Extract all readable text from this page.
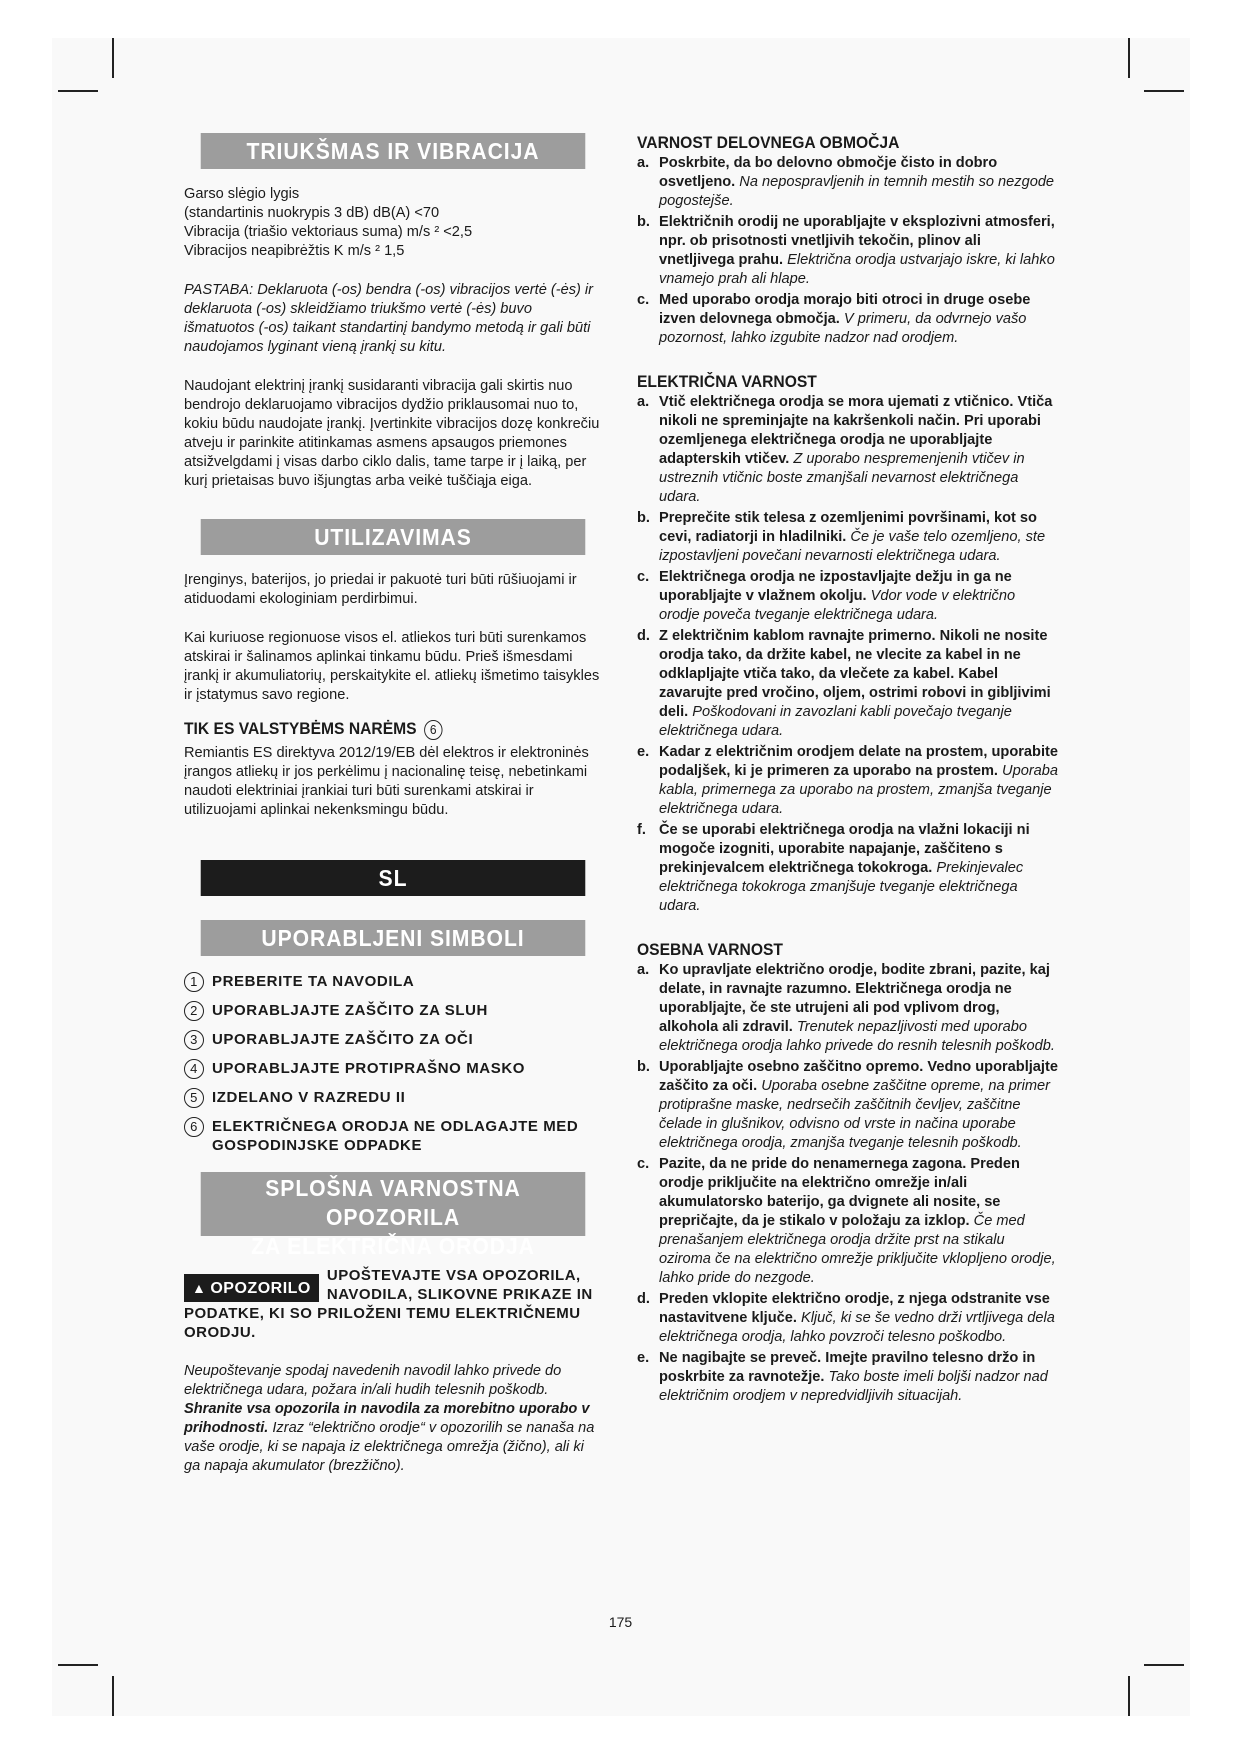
TRIUKŠMAS IR VIBRACIJA

Garso slėgio lygis

(standartinis nuokrypis 3 dB) dB(A) <70

Vibracija (triašio vektoriaus suma) m/s ² <2,5

Vibracijos neapibrėžtis K m/s ² 1,5

PASTABA: Deklaruota (-os) bendra (-os) vibracijos vertė (-ės) ir deklaruota (-os) skleidžiamo triukšmo vertė (-ės) buvo išmatuotos (-os) taikant standartinį bandymo metodą ir gali būti naudojamos lyginant vieną įrankį su kitu.

Naudojant elektrinį įrankį susidaranti vibracija gali skirtis nuo bendrojo deklaruojamo vibracijos dydžio priklausomai nuo to, kokiu būdu naudojate įrankį. Įvertinkite vibracijos dozę konkrečiu atveju ir parinkite atitinkamas asmens apsaugos priemones atsižvelgdami į visas darbo ciklo dalis, tame tarpe ir į laiką, per kurį prietaisas buvo išjungtas arba veikė tuščiąja eiga.

UTILIZAVIMAS

Įrenginys, baterijos, jo priedai ir pakuotė turi būti rūšiuojami ir atiduodami ekologiniam perdirbimui.

Kai kuriuose regionuose visos el. atliekos turi būti surenkamos atskirai ir šalinamos aplinkai tinkamu būdu. Prieš išmesdami įrankį ir akumuliatorių, perskaitykite el. atliekų išmetimo taisykles ir įstatymus savo regione.

TIK ES VALSTYBĖMS NARĖMS 6

Remiantis ES direktyva 2012/19/EB dėl elektros ir elektroninės įrangos atliekų ir jos perkėlimu į nacionalinę teisę, nebetinkami naudoti elektriniai įrankiai turi būti surenkami atskirai ir utilizuojami aplinkai nekenksmingu būdu.

SL
UPORABLJENI SIMBOLI
1 PREBERITE TA NAVODILA
2 UPORABLJAJTE ZAŠČITO ZA SLUH
3 UPORABLJAJTE ZAŠČITO ZA OČI
4 UPORABLJAJTE PROTIPRAŠNO MASKO
5 IZDELANO V RAZREDU II
6 ELEKTRIČNEGA ORODJA NE ODLAGAJTE MED GOSPODINJSKE ODPADKE
SPLOŠNA VARNOSTNA OPOZORILA
ZA ELEKTRIČNA ORODJA
▲ OPOZORILO
UPOŠTEVAJTE VSA OPOZORILA, NAVODILA, SLIKOVNE PRIKAZE IN PODATKE, KI SO PRILOŽENI TEMU ELEKTRIČNEMU ORODJU.

Neupoštevanje spodaj navedenih navodil lahko privede do električnega udara, požara in/ali hudih telesnih poškodb. Shranite vsa opozorila in navodila za morebitno uporabo v prihodnosti. Izraz “električno orodje“ v opozorilih se nanaša na vaše orodje, ki se napaja iz električnega omrežja (žično), ali ki ga napaja akumulator (brezžično).

VARNOST DELOVNEGA OBMOČJA
a. Poskrbite, da bo delovno območje čisto in dobro osvetljeno. Na nepospravljenih in temnih mestih so nezgode pogostejše.
b. Električnih orodij ne uporabljajte v eksplozivni atmosferi, npr. ob prisotnosti vnetljivih tekočin, plinov ali vnetljivega prahu. Električna orodja ustvarjajo iskre, ki lahko vnamejo prah ali hlape.
c. Med uporabo orodja morajo biti otroci in druge osebe izven delovnega območja. V primeru, da odvrnejo vašo pozornost, lahko izgubite nadzor nad orodjem.
ELEKTRIČNA VARNOST
a. Vtič električnega orodja se mora ujemati z vtičnico. Vtiča nikoli ne spreminjajte na kakršenkoli način. Pri uporabi ozemljenega električnega orodja ne uporabljajte adapterskih vtičev. Z uporabo nespremenjenih vtičev in ustreznih vtičnic boste zmanjšali nevarnost električnega udara.
b. Preprečite stik telesa z ozemljenimi površinami, kot so cevi, radiatorji in hladilniki. Če je vaše telo ozemljeno, ste izpostavljeni povečani nevarnosti električnega udara.
c. Električnega orodja ne izpostavljajte dežju in ga ne uporabljajte v vlažnem okolju. Vdor vode v električno orodje poveča tveganje električnega udara.
d. Z električnim kablom ravnajte primerno. Nikoli ne nosite orodja tako, da držite kabel, ne vlecite za kabel in ne odklapljajte vtiča tako, da vlečete za kabel. Kabel zavarujte pred vročino, oljem, ostrimi robovi in gibljivimi deli. Poškodovani in zavozlani kabli povečajo tveganje električnega udara.
e. Kadar z električnim orodjem delate na prostem, uporabite podaljšek, ki je primeren za uporabo na prostem. Uporaba kabla, primernega za uporabo na prostem, zmanjša tveganje električnega udara.
f. Če se uporabi električnega orodja na vlažni lokaciji ni mogoče izogniti, uporabite napajanje, zaščiteno s prekinjevalcem električnega tokokroga. Prekinjevalec električnega tokokroga zmanjšuje tveganje električnega udara.
OSEBNA VARNOST
a. Ko upravljate električno orodje, bodite zbrani, pazite, kaj delate, in ravnajte razumno. Električnega orodja ne uporabljajte, če ste utrujeni ali pod vplivom drog, alkohola ali zdravil. Trenutek nepazljivosti med uporabo električnega orodja lahko privede do resnih telesnih poškodb.
b. Uporabljajte osebno zaščitno opremo. Vedno uporabljajte zaščito za oči. Uporaba osebne zaščitne opreme, na primer protiprašne maske, nedrsečih zaščitnih čevljev, zaščitne čelade in glušnikov, odvisno od vrste in načina uporabe električnega orodja, zmanjša tveganje telesnih poškodb.
c. Pazite, da ne pride do nenamernega zagona. Preden orodje priključite na električno omrežje in/ali akumulatorsko baterijo, ga dvignete ali nosite, se prepričajte, da je stikalo v položaju za izklop. Če med prenašanjem električnega orodja držite prst na stikalu oziroma če na električno omrežje priključite vklopljeno orodje, lahko pride do nezgode.
d. Preden vklopite električno orodje, z njega odstranite vse nastavitvene ključe. Ključ, ki se še vedno drži vrtljivega dela električnega orodja, lahko povzroči telesno poškodbo.
e. Ne nagibajte se preveč. Imejte pravilno telesno držo in poskrbite za ravnotežje. Tako boste imeli boljši nadzor nad električnim orodjem v nepredvidljivih situacijah.
175
